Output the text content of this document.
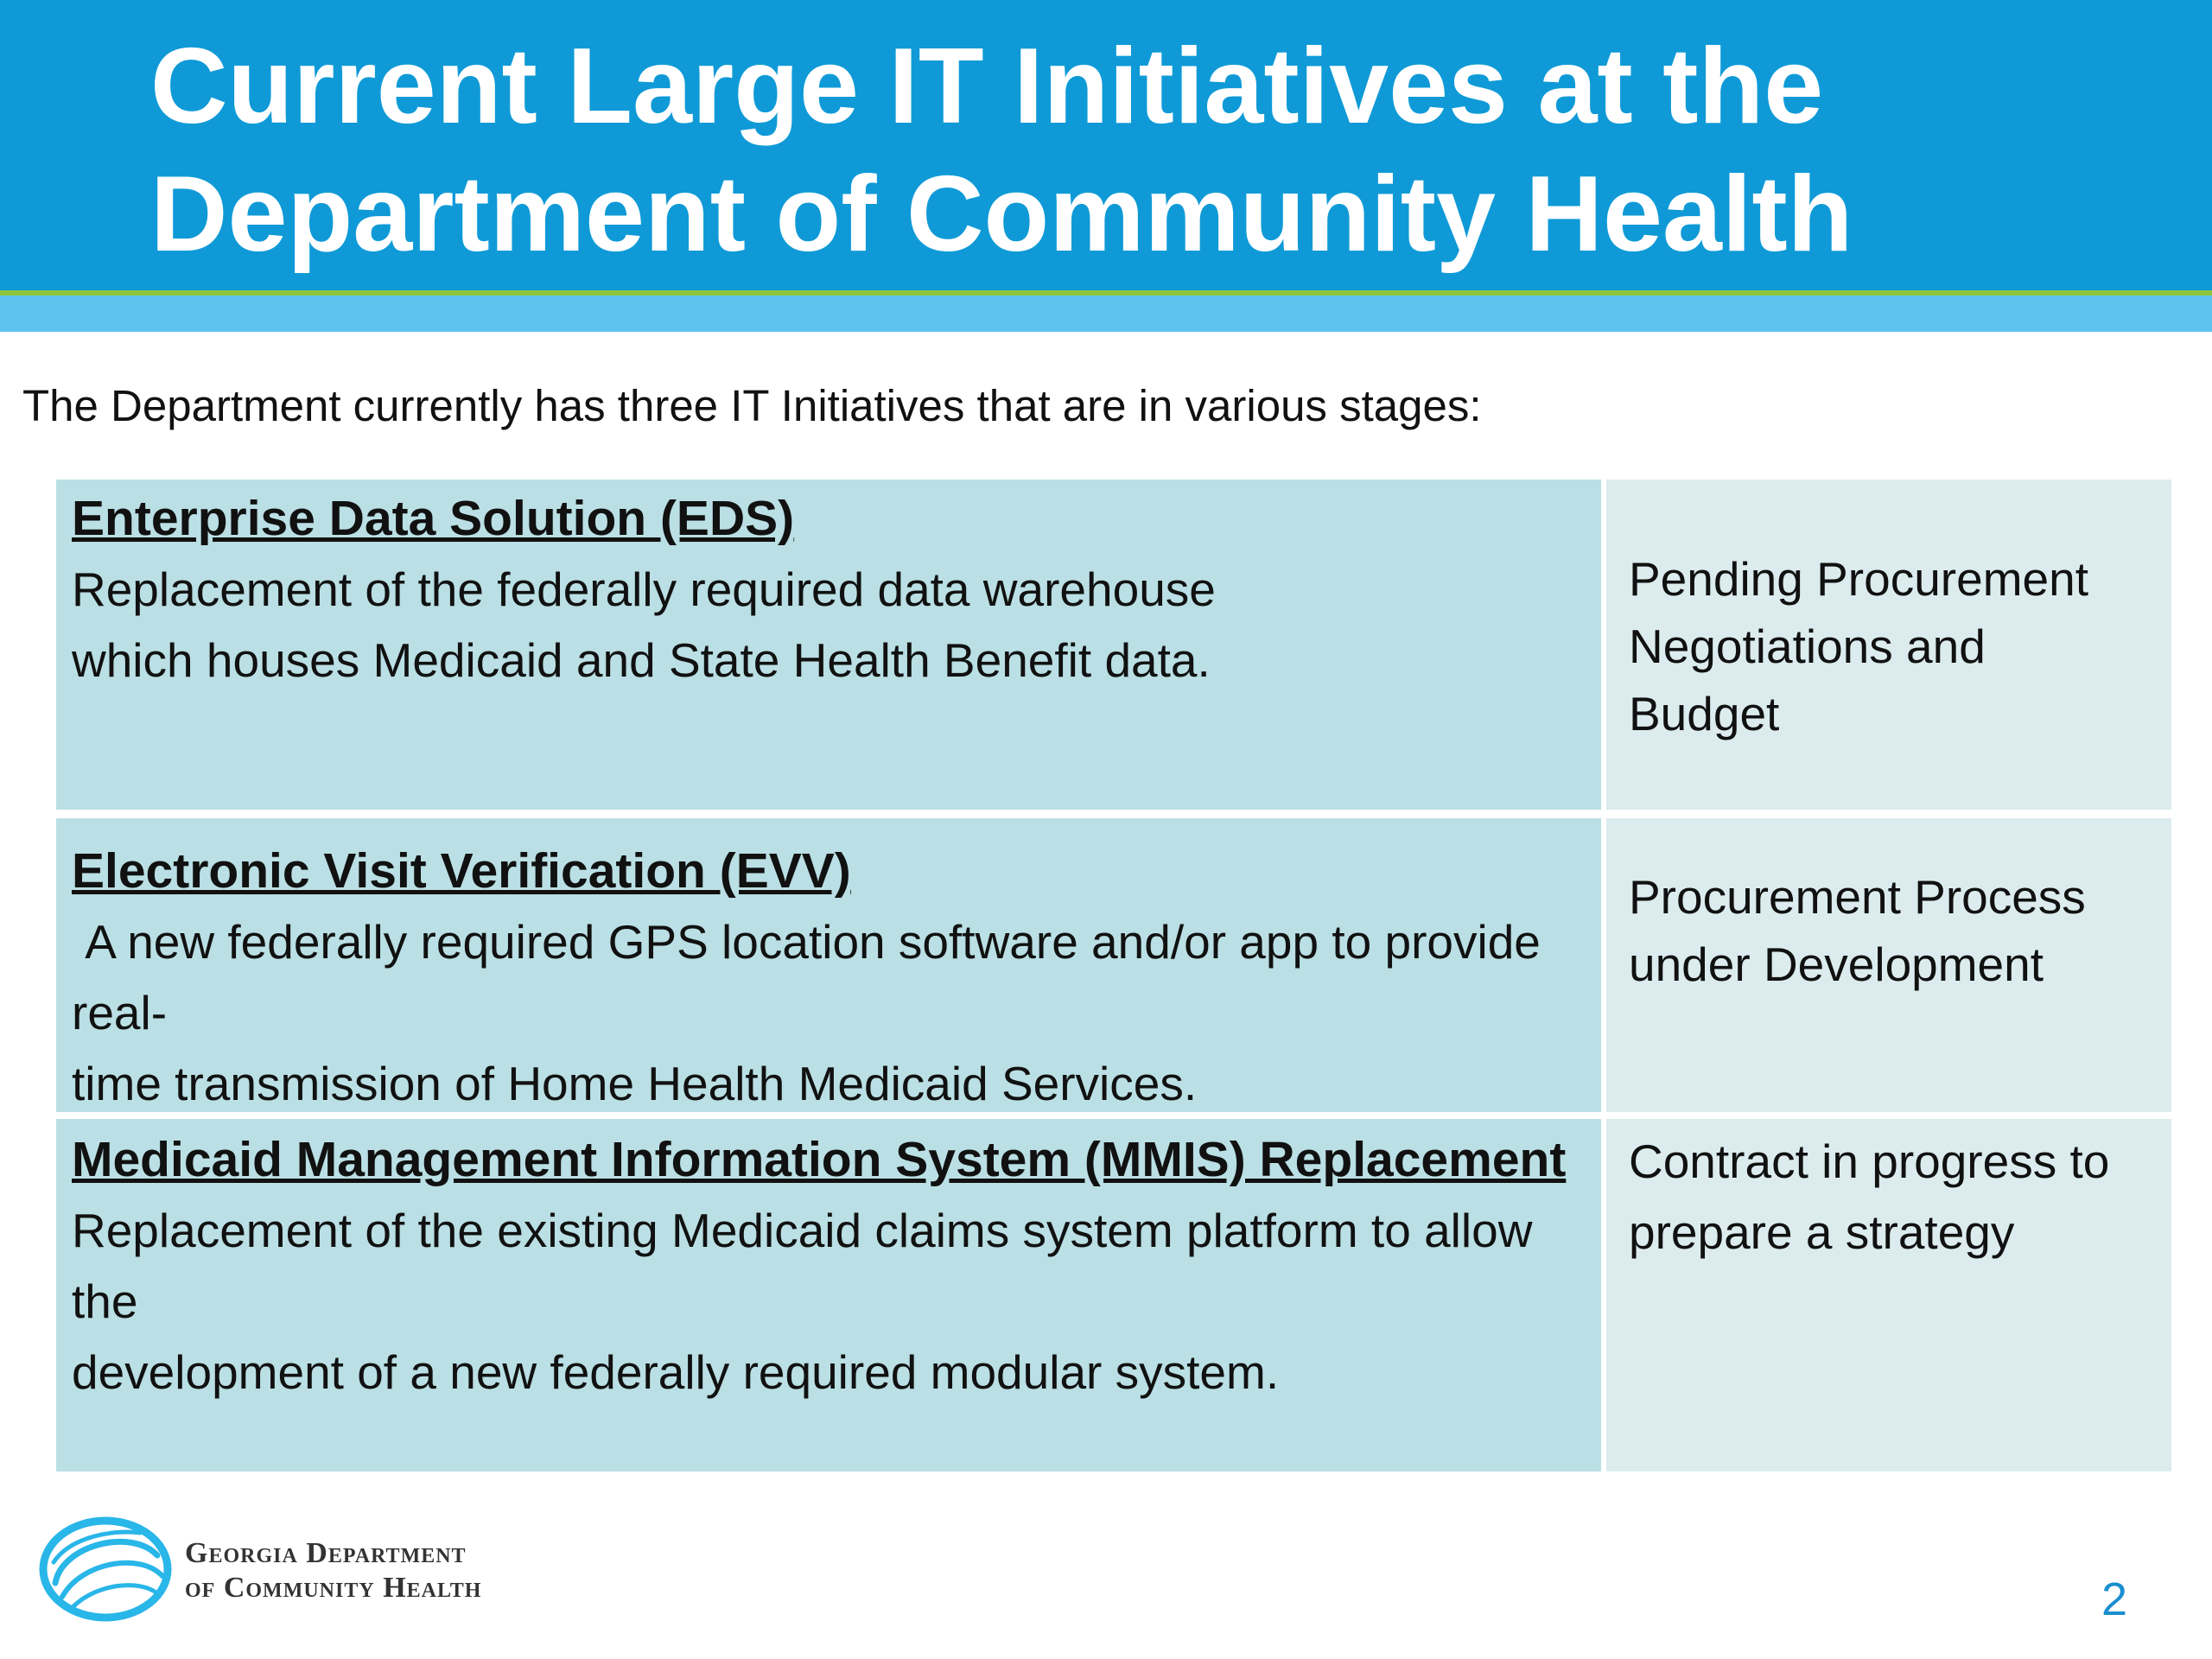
Current Large IT Initiatives at the
Department of Community Health
The Department currently has three IT Initiatives that are in various stages:
Enterprise Data Solution (EDS)
Replacement of the federally required data warehouse
which houses Medicaid and State Health Benefit data.
Pending Procurement
Negotiations and Budget
Electronic Visit Verification (EVV)
A new federally required GPS location software and/or app to provide real-
time transmission of Home Health Medicaid Services.
Procurement Process
under Development
Medicaid Management Information System (MMIS) Replacement
Replacement of the existing Medicaid claims system platform to allow the
development of a new federally required modular system.
Contract in progress to
prepare a strategy
Georgia Department
of Community Health	2
